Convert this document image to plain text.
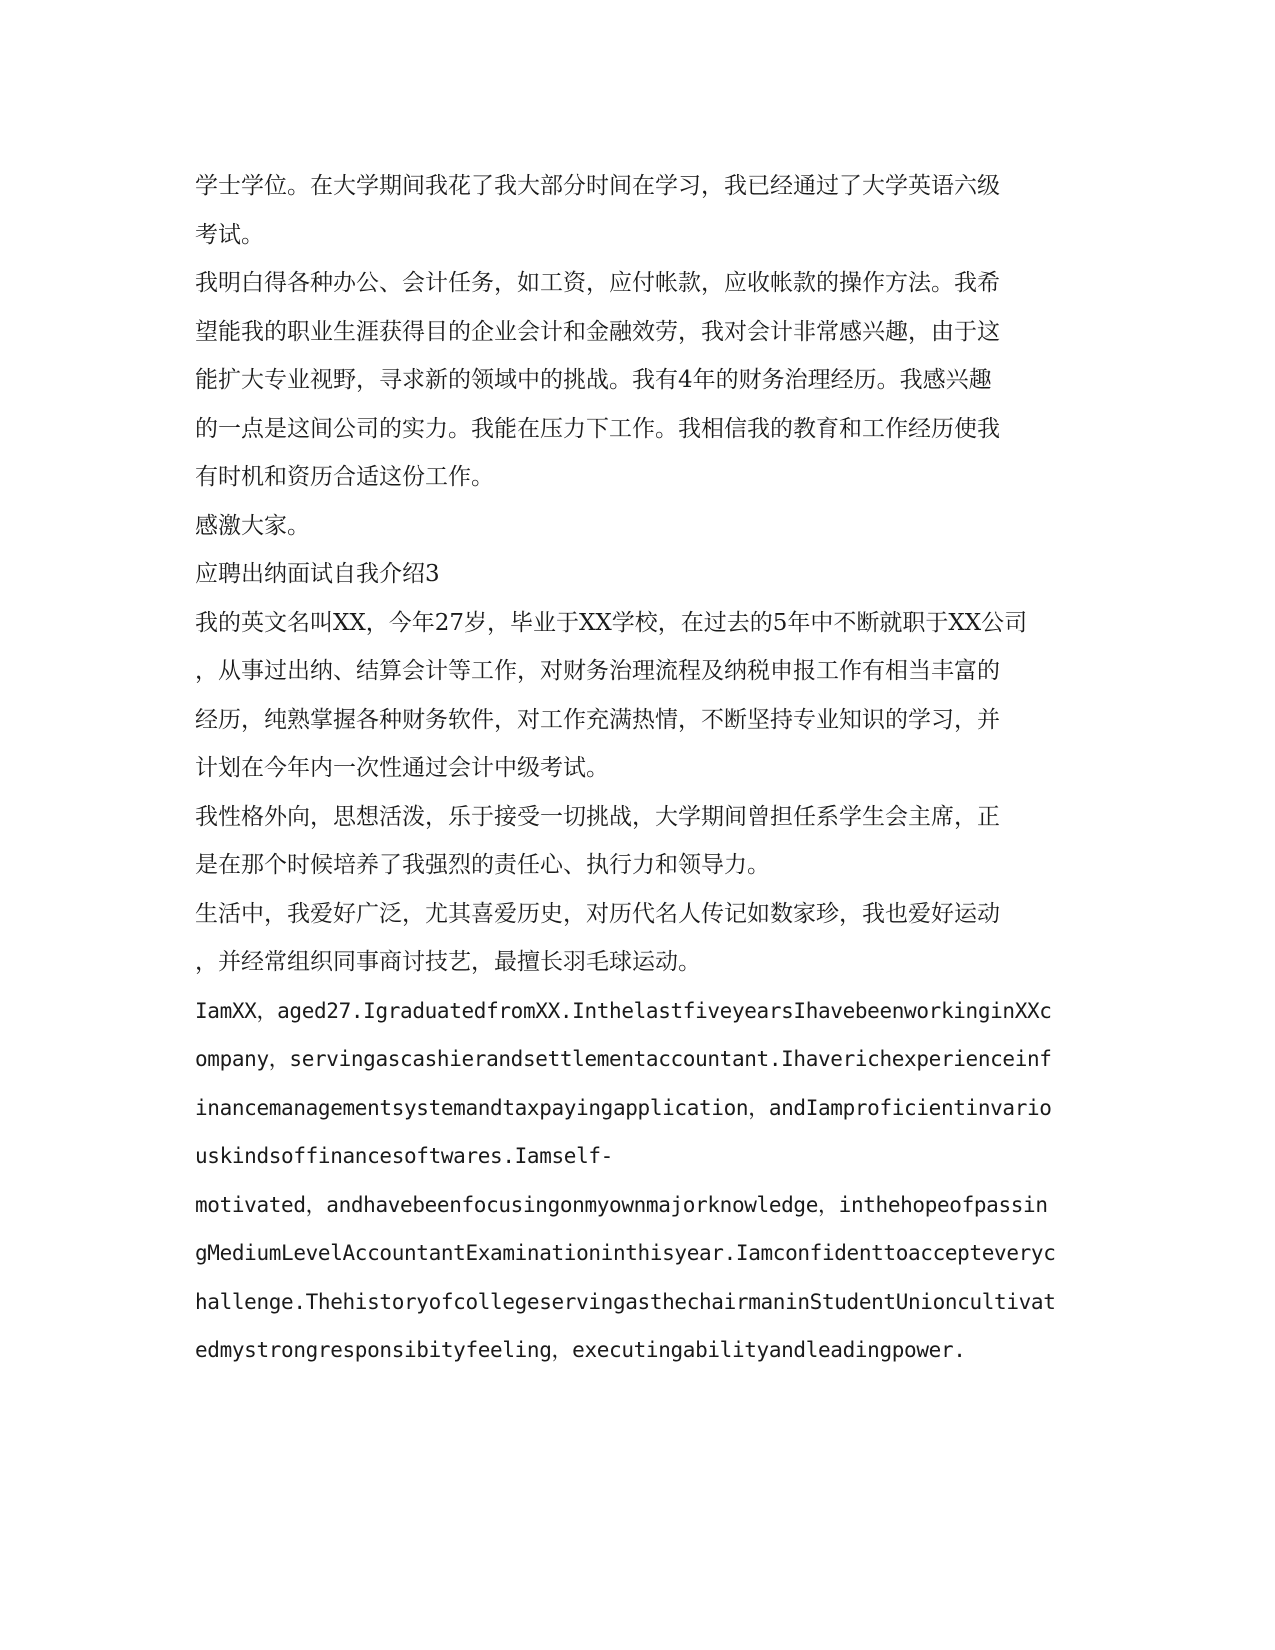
学士学位。在大学期间我花了我大部分时间在学习，我已经通过了大学英语六级
考试。
我明白得各种办公、会计任务，如工资，应付帐款，应收帐款的操作方法。我希
望能我的职业生涯获得目的企业会计和金融效劳，我对会计非常感兴趣，由于这
能扩大专业视野，寻求新的领域中的挑战。我有4年的财务治理经历。我感兴趣
的一点是这间公司的实力。我能在压力下工作。我相信我的教育和工作经历使我
有时机和资历合适这份工作。
感激大家。
应聘出纳面试自我介绍3
我的英文名叫XX，今年27岁，毕业于XX学校，在过去的5年中不断就职于XX公司
，从事过出纳、结算会计等工作，对财务治理流程及纳税申报工作有相当丰富的
经历，纯熟掌握各种财务软件，对工作充满热情，不断坚持专业知识的学习，并
计划在今年内一次性通过会计中级考试。
我性格外向，思想活泼，乐于接受一切挑战，大学期间曾担任系学生会主席，正
是在那个时候培养了我强烈的责任心、执行力和领导力。
生活中，我爱好广泛，尤其喜爱历史，对历代名人传记如数家珍，我也爱好运动
，并经常组织同事商讨技艺，最擅长羽毛球运动。
IamXX，aged27.IgraduatedfromXX.InthelastfiveyearsIhavebeenworkinginXXc
ompany，servingascashierandsettlementaccountant.Ihaverichexperienceinf
inancemanagementsystemandtaxpayingapplication，andIamproficientinvario
uskindsoffinancesoftwares.Iamself-
motivated，andhavebeenfocusingonmyownmajorknowledge，inthehopeofpassin
gMediumLevelAccountantExaminationinthisyear.Iamconfidenttoaccepteveryc
hallenge.ThehistoryofcollegeservingasthechairmaninStudentUnioncultivat
edmystrongresponsibityfeeling，executingabilityandleadingpower.
